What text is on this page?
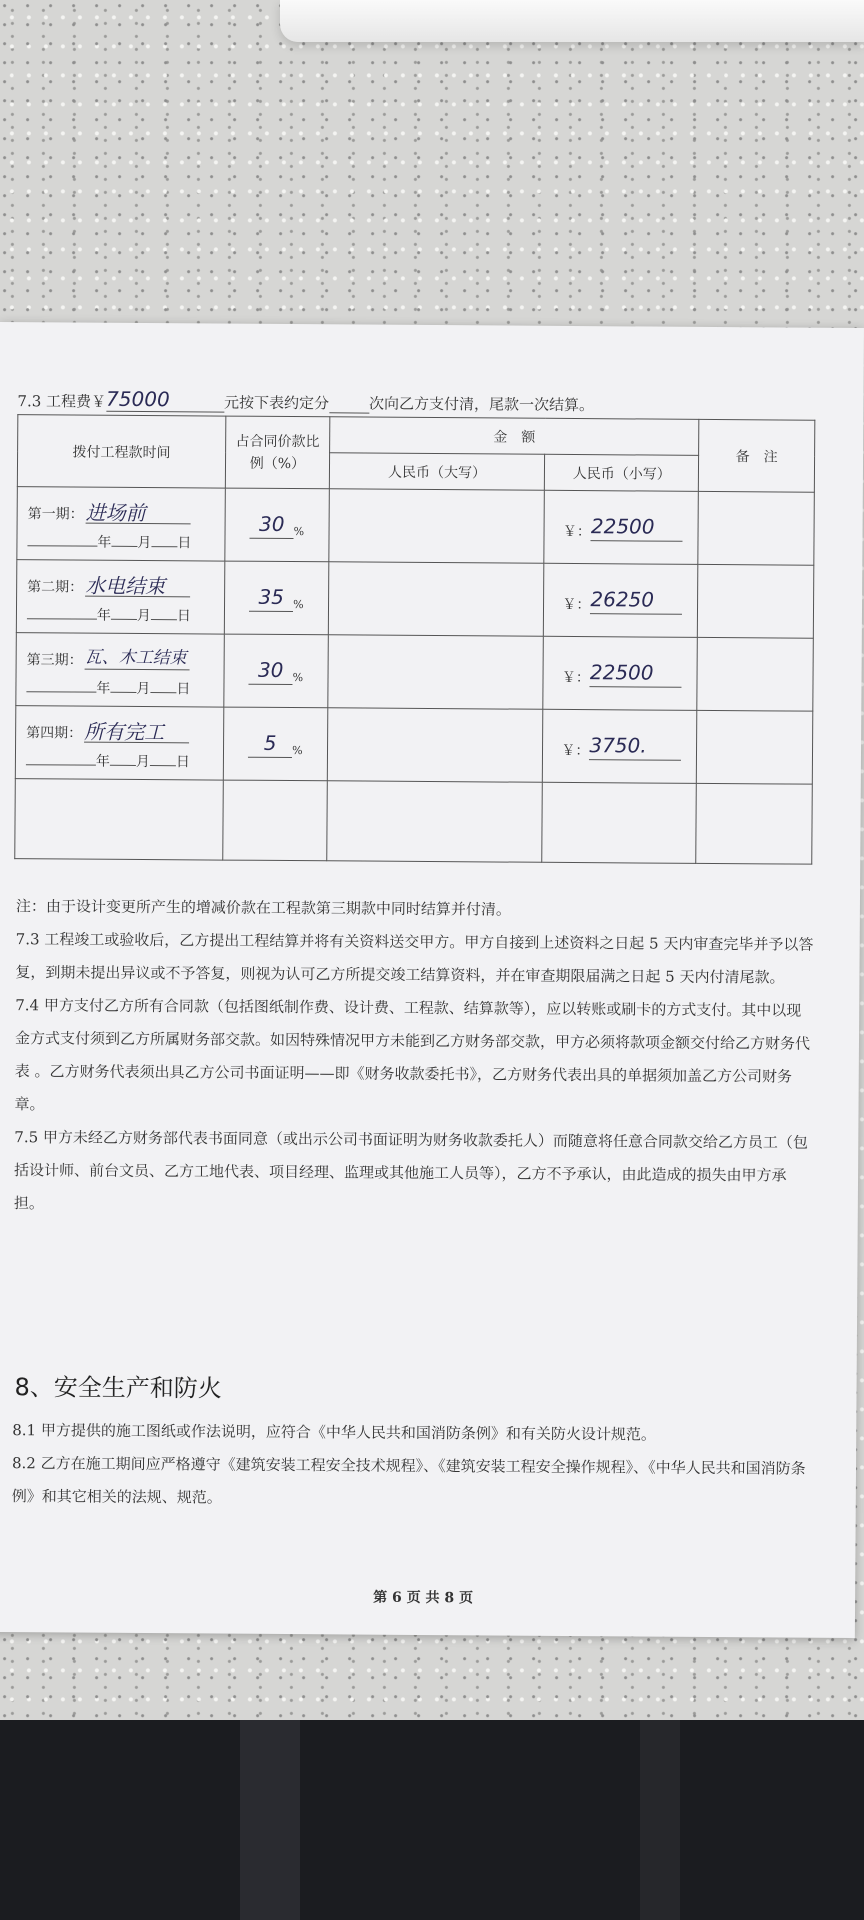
7.3 工程费￥75000	元按下表约定分	次向乙方支付清，尾款一次结算。
拨付工程款时间	占合同价款比例（%）	金　额		备　注
		人民币（大写）	人民币（小写）	

第一期： 进场前
年 月 日	30 %		￥：22500	

第二期： 水电结束
年 月 日	35 %		￥：26250	

第三期： 瓦、木工结束
年 月 日	30 %		￥：22500	

第四期： 所有完工
年 月 日	5 %		￥：3750.	

注：由于设计变更所产生的增减价款在工程款第三期款中同时结算并付清。

7.3 工程竣工或验收后，乙方提出工程结算并将有关资料送交甲方。甲方自接到上述资料之日起 5 天内审查完毕并予以答复，到期未提出异议或不予答复，则视为认可乙方所提交竣工结算资料，并在审查期限届满之日起 5 天内付清尾款。

7.4 甲方支付乙方所有合同款（包括图纸制作费、设计费、工程款、结算款等），应以转账或刷卡的方式支付。其中以现金方式支付须到乙方所属财务部交款。如因特殊情况甲方未能到乙方财务部交款，甲方必须将款项金额交付给乙方财务代表 。乙方财务代表须出具乙方公司书面证明——即《财务收款委托书》，乙方财务代表出具的单据须加盖乙方公司财务章。

7.5 甲方未经乙方财务部代表书面同意（或出示公司书面证明为财务收款委托人）而随意将任意合同款交给乙方员工（包括设计师、前台文员、乙方工地代表、项目经理、监理或其他施工人员等），乙方不予承认，由此造成的损失由甲方承担。

8、安全生产和防火

8.1 甲方提供的施工图纸或作法说明，应符合《中华人民共和国消防条例》和有关防火设计规范。

8.2 乙方在施工期间应严格遵守《建筑安装工程安全技术规程》、《建筑安装工程安全操作规程》、《中华人民共和国消防条例》和其它相关的法规、规范。

第 6 页 共 8 页
